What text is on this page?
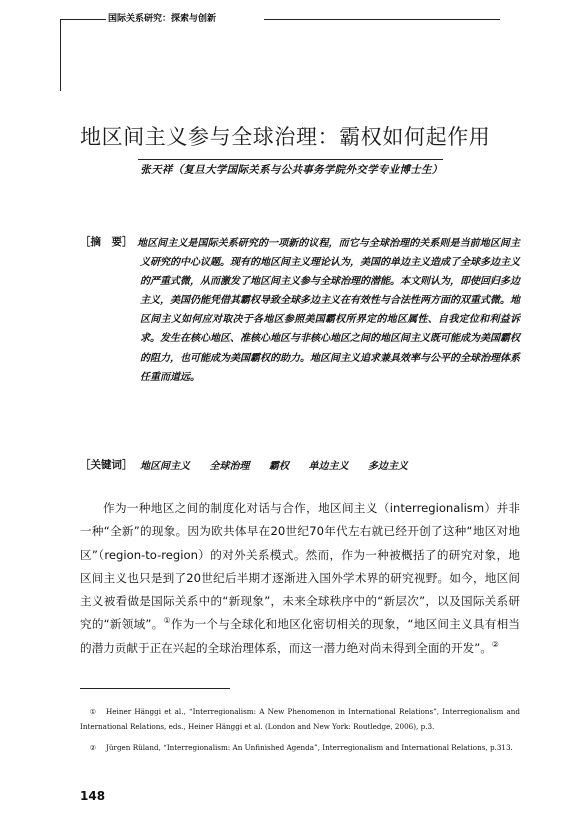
国际关系研究：探索与创新
地区间主义参与全球治理：霸权如何起作用
张天祥（复旦大学国际关系与公共事务学院外交学专业博士生）
［摘　要］ 地区间主义是国际关系研究的一项新的议程，而它与全球治理的关系则是当前地区间主义研究的中心议题。现有的地区间主义理论认为，美国的单边主义造成了全球多边主义的严重式微，从而激发了地区间主义参与全球治理的潜能。本文则认为，即使回归多边主义，美国仍能凭借其霸权导致全球多边主义在有效性与合法性两方面的双重式微。地区间主义如何应对取决于各地区参照美国霸权所界定的地区属性、自我定位和利益诉求。发生在核心地区、准核心地区与非核心地区之间的地区间主义既可能成为美国霸权的阻力，也可能成为美国霸权的助力。地区间主义追求兼具效率与公平的全球治理体系任重而道远。
［关键词］ 地区间主义 全球治理 霸权 单边主义 多边主义
作为一种地区之间的制度化对话与合作，地区间主义（interregionalism）并非一种“全新”的现象。因为欧共体早在20世纪70年代左右就已经开创了这种“地区对地区”（region-to-region）的对外关系模式。然而，作为一种被概括了的研究对象，地区间主义也只是到了20世纪后半期才逐渐进入国外学术界的研究视野。如今，地区间主义被看做是国际关系中的“新现象”，未来全球秩序中的“新层次”，以及国际关系研究的“新领域”。①作为一个与全球化和地区化密切相关的现象，“地区间主义具有相当的潜力贡献于正在兴起的全球治理体系，而这一潜力绝对尚未得到全面的开发”。②
① Heiner Hänggi et al., “Interregionalism: A New Phenomenon in International Relations”, Interregionalism and International Relations, eds., Heiner Hänggi et al. (London and New York: Routledge, 2006), p.3.
② Jürgen Rüland, “Interregionalism: An Unfinished Agenda”, Interregionalism and International Relations, p.313.
148
